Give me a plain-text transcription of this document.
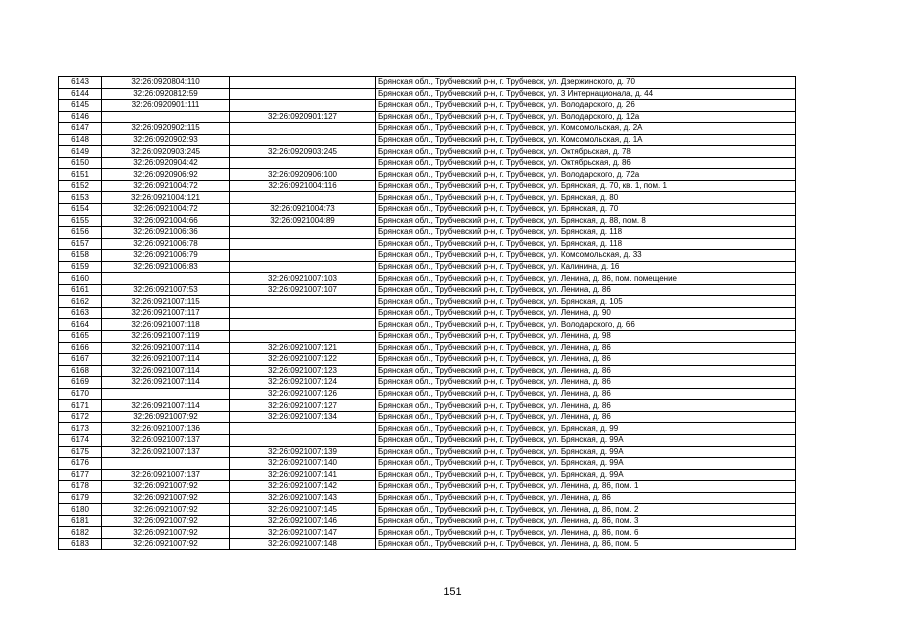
6143	32:26:0920804:110		Брянская обл., Трубчевский р-н, г. Трубчевск, ул. Дзержинского, д. 70
6144	32:26:0920812:59		Брянская обл., Трубчевский р-н, г. Трубчевск, ул. 3 Интернационала, д. 44
6145	32:26:0920901:111		Брянская обл., Трубчевский р-н, г. Трубчевск, ул. Володарского, д. 26
6146		32:26:0920901:127	Брянская обл., Трубчевский р-н, г. Трубчевск, ул. Володарского, д. 12а
6147	32:26:0920902:115		Брянская обл., Трубчевский р-н, г. Трубчевск, ул. Комсомольская, д. 2А
6148	32:26:0920902:93		Брянская обл., Трубчевский р-н, г. Трубчевск, ул. Комсомольская, д. 1А
6149	32:26:0920903:245	32:26:0920903:245	Брянская обл., Трубчевский р-н, г. Трубчевск, ул. Октябрьская, д. 78
6150	32:26:0920904:42		Брянская обл., Трубчевский р-н, г. Трубчевск, ул. Октябрьская, д. 86
6151	32:26:0920906:92	32:26:0920906:100	Брянская обл., Трубчевский р-н, г. Трубчевск, ул. Володарского, д. 72а
6152	32:26:0921004:72	32:26:0921004:116	Брянская обл., Трубчевский р-н, г. Трубчевск, ул. Брянская, д. 70, кв. 1, пом. 1
6153	32:26:0921004:121		Брянская обл., Трубчевский р-н, г. Трубчевск, ул. Брянская, д. 80
6154	32:26:0921004:72	32:26:0921004:73	Брянская обл., Трубчевский р-н, г. Трубчевск, ул. Брянская, д. 70
6155	32:26:0921004:66	32:26:0921004:89	Брянская обл., Трубчевский р-н, г. Трубчевск, ул. Брянская, д. 88, пом. 8
6156	32:26:0921006:36		Брянская обл., Трубчевский р-н, г. Трубчевск, ул. Брянская, д. 118
6157	32:26:0921006:78		Брянская обл., Трубчевский р-н, г. Трубчевск, ул. Брянская, д. 118
6158	32:26:0921006:79		Брянская обл., Трубчевский р-н, г. Трубчевск, ул. Комсомольская, д. 33
6159	32:26:0921006:83		Брянская обл., Трубчевский р-н, г. Трубчевск, ул. Калинина, д. 16
6160		32:26:0921007:103	Брянская обл., Трубчевский р-н, г. Трубчевск, ул. Ленина, д. 86, пом. помещение
6161	32:26:0921007:53	32:26:0921007:107	Брянская обл., Трубчевский р-н, г. Трубчевск, ул. Ленина, д. 86
6162	32:26:0921007:115		Брянская обл., Трубчевский р-н, г. Трубчевск, ул. Брянская, д. 105
6163	32:26:0921007:117		Брянская обл., Трубчевский р-н, г. Трубчевск, ул. Ленина, д. 90
6164	32:26:0921007:118		Брянская обл., Трубчевский р-н, г. Трубчевск, ул. Володарского, д. 66
6165	32:26:0921007:119		Брянская обл., Трубчевский р-н, г. Трубчевск, ул. Ленина, д. 98
6166	32:26:0921007:114	32:26:0921007:121	Брянская обл., Трубчевский р-н, г. Трубчевск, ул. Ленина, д. 86
6167	32:26:0921007:114	32:26:0921007:122	Брянская обл., Трубчевский р-н, г. Трубчевск, ул. Ленина, д. 86
6168	32:26:0921007:114	32:26:0921007:123	Брянская обл., Трубчевский р-н, г. Трубчевск, ул. Ленина, д. 86
6169	32:26:0921007:114	32:26:0921007:124	Брянская обл., Трубчевский р-н, г. Трубчевск, ул. Ленина, д. 86
6170		32:26:0921007:126	Брянская обл., Трубчевский р-н, г. Трубчевск, ул. Ленина, д. 86
6171	32:26:0921007:114	32:26:0921007:127	Брянская обл., Трубчевский р-н, г. Трубчевск, ул. Ленина, д. 86
6172	32:26:0921007:92	32:26:0921007:134	Брянская обл., Трубчевский р-н, г. Трубчевск, ул. Ленина, д. 86
6173	32:26:0921007:136		Брянская обл., Трубчевский р-н, г. Трубчевск, ул. Брянская, д. 99
6174	32:26:0921007:137		Брянская обл., Трубчевский р-н, г. Трубчевск, ул. Брянская, д. 99А
6175	32:26:0921007:137	32:26:0921007:139	Брянская обл., Трубчевский р-н, г. Трубчевск, ул. Брянская, д. 99А
6176		32:26:0921007:140	Брянская обл., Трубчевский р-н, г. Трубчевск, ул. Брянская, д. 99А
6177	32:26:0921007:137	32:26:0921007:141	Брянская обл., Трубчевский р-н, г. Трубчевск, ул. Брянская, д. 99А
6178	32:26:0921007:92	32:26:0921007:142	Брянская обл., Трубчевский р-н, г. Трубчевск, ул. Ленина, д. 86, пом. 1
6179	32:26:0921007:92	32:26:0921007:143	Брянская обл., Трубчевский р-н, г. Трубчевск, ул. Ленина, д. 86
6180	32:26:0921007:92	32:26:0921007:145	Брянская обл., Трубчевский р-н, г. Трубчевск, ул. Ленина, д. 86, пом. 2
6181	32:26:0921007:92	32:26:0921007:146	Брянская обл., Трубчевский р-н, г. Трубчевск, ул. Ленина, д. 86, пом. 3
6182	32:26:0921007:92	32:26:0921007:147	Брянская обл., Трубчевский р-н, г. Трубчевск, ул. Ленина, д. 86, пом. 6
6183	32:26:0921007:92	32:26:0921007:148	Брянская обл., Трубчевский р-н, г. Трубчевск, ул. Ленина, д. 86, пом. 5
151
